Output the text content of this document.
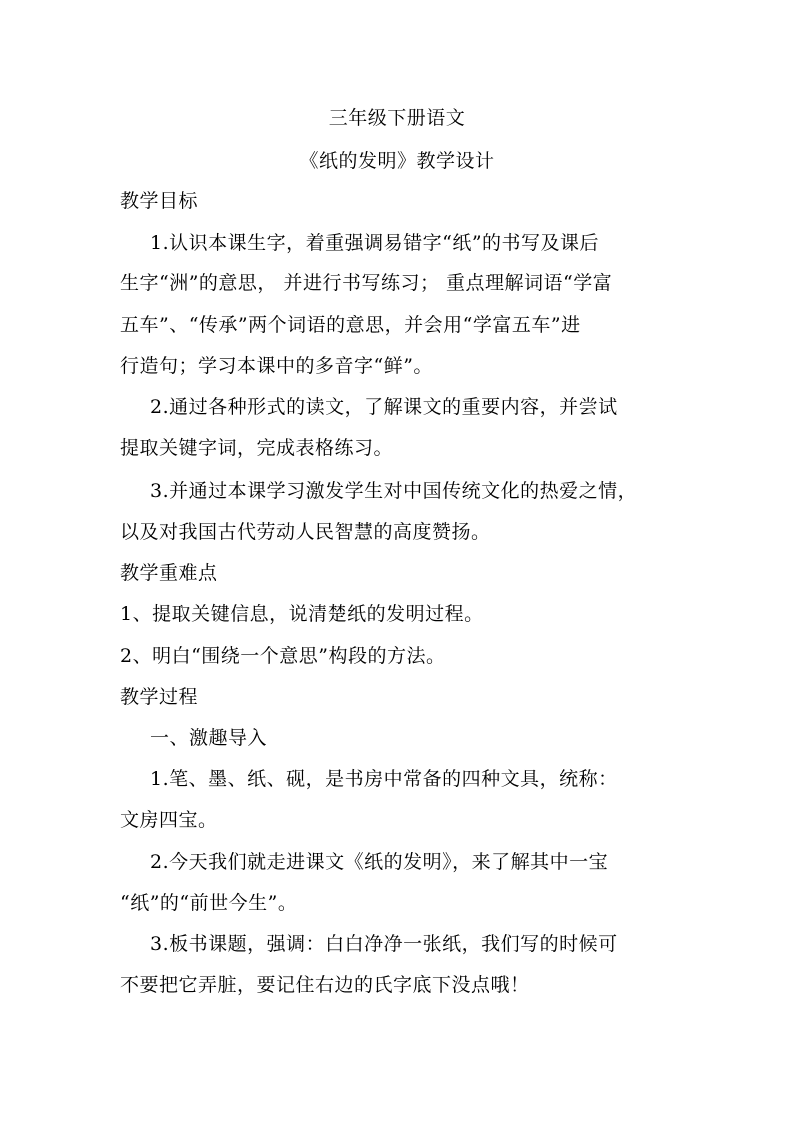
三年级下册语文
《纸的发明》教学设计
教学目标
1.认识本课生字，着重强调易错字“纸”的书写及课后
生字“洲”的意思， 并进行书写练习； 重点理解词语“学富
五车”、“传承”两个词语的意思，并会用“学富五车”进
行造句；学习本课中的多音字“鲜”。
2.通过各种形式的读文，了解课文的重要内容，并尝试
提取关键字词，完成表格练习。
3.并通过本课学习激发学生对中国传统文化的热爱之情，
以及对我国古代劳动人民智慧的高度赞扬。
教学重难点
1、提取关键信息，说清楚纸的发明过程。
2、明白“围绕一个意思”构段的方法。
教学过程
一、激趣导入
1.笔、墨、纸、砚，是书房中常备的四种文具，统称：
文房四宝。
2.今天我们就走进课文《纸的发明》，来了解其中一宝
“纸”的“前世今生”。
3.板书课题，强调：白白净净一张纸，我们写的时候可
不要把它弄脏，要记住右边的氏字底下没点哦！
